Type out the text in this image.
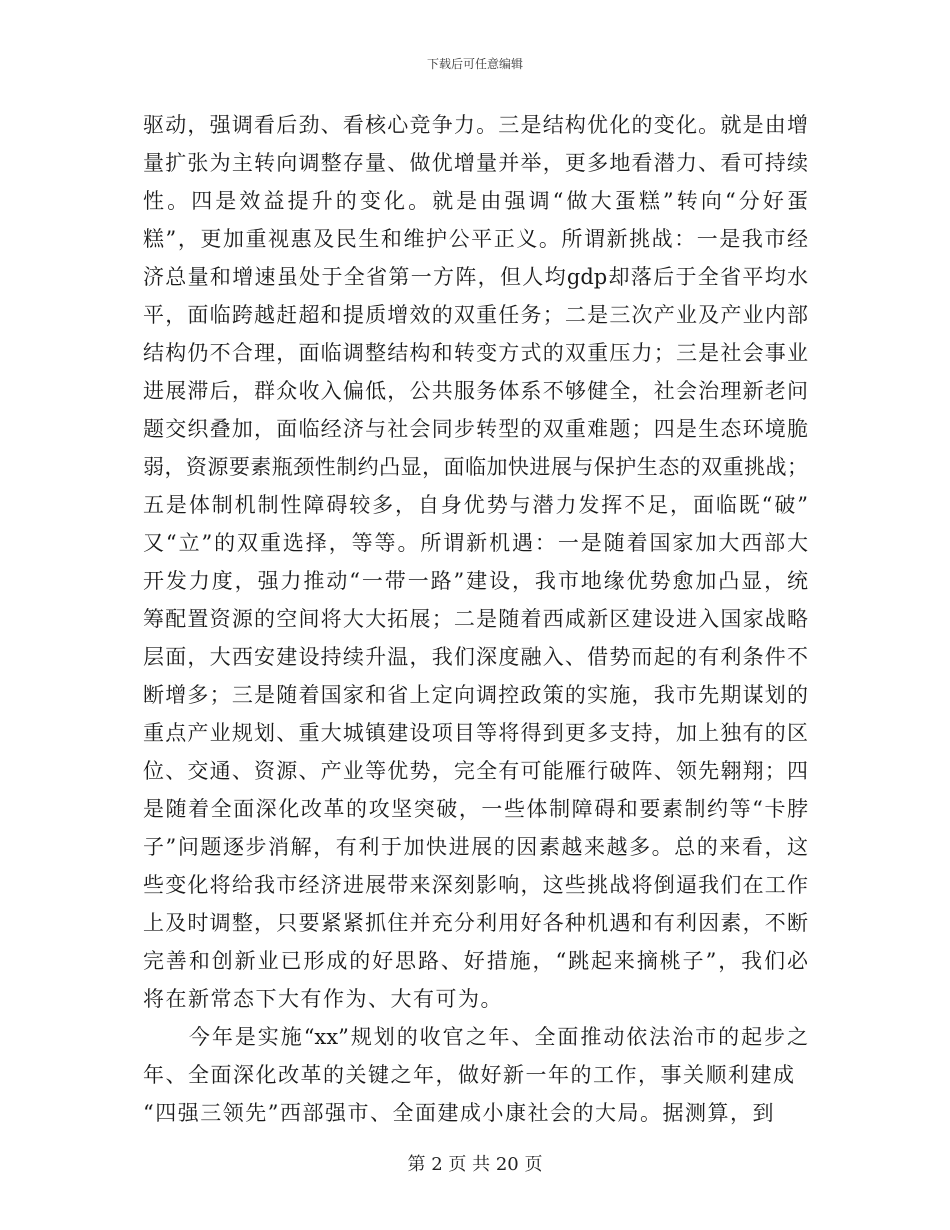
下载后可任意编辑
驱动，强调看后劲、看核心竞争力。三是结构优化的变化。就是由增
量扩张为主转向调整存量、做优增量并举，更多地看潜力、看可持续
性。四是效益提升的变化。就是由强调“做大蛋糕”转向“分好蛋
糕”，更加重视惠及民生和维护公平正义。所谓新挑战：一是我市经
济总量和增速虽处于全省第一方阵，但人均gdp却落后于全省平均水
平，面临跨越赶超和提质增效的双重任务；二是三次产业及产业内部
结构仍不合理，面临调整结构和转变方式的双重压力；三是社会事业
进展滞后，群众收入偏低，公共服务体系不够健全，社会治理新老问
题交织叠加，面临经济与社会同步转型的双重难题；四是生态环境脆
弱，资源要素瓶颈性制约凸显，面临加快进展与保护生态的双重挑战；
五是体制机制性障碍较多，自身优势与潜力发挥不足，面临既“破”
又“立”的双重选择，等等。所谓新机遇：一是随着国家加大西部大
开发力度，强力推动“一带一路”建设，我市地缘优势愈加凸显，统
筹配置资源的空间将大大拓展；二是随着西咸新区建设进入国家战略
层面，大西安建设持续升温，我们深度融入、借势而起的有利条件不
断增多；三是随着国家和省上定向调控政策的实施，我市先期谋划的
重点产业规划、重大城镇建设项目等将得到更多支持，加上独有的区
位、交通、资源、产业等优势，完全有可能雁行破阵、领先翱翔；四
是随着全面深化改革的攻坚突破，一些体制障碍和要素制约等“卡脖
子”问题逐步消解，有利于加快进展的因素越来越多。总的来看，这
些变化将给我市经济进展带来深刻影响，这些挑战将倒逼我们在工作
上及时调整，只要紧紧抓住并充分利用好各种机遇和有利因素，不断
完善和创新业已形成的好思路、好措施，“跳起来摘桃子”，我们必
将在新常态下大有作为、大有可为。
　　今年是实施“xx”规划的收官之年、全面推动依法治市的起步之
年、全面深化改革的关键之年，做好新一年的工作，事关顺利建成
“四强三领先”西部强市、全面建成小康社会的大局。据测算，到
第 2 页 共 20 页
